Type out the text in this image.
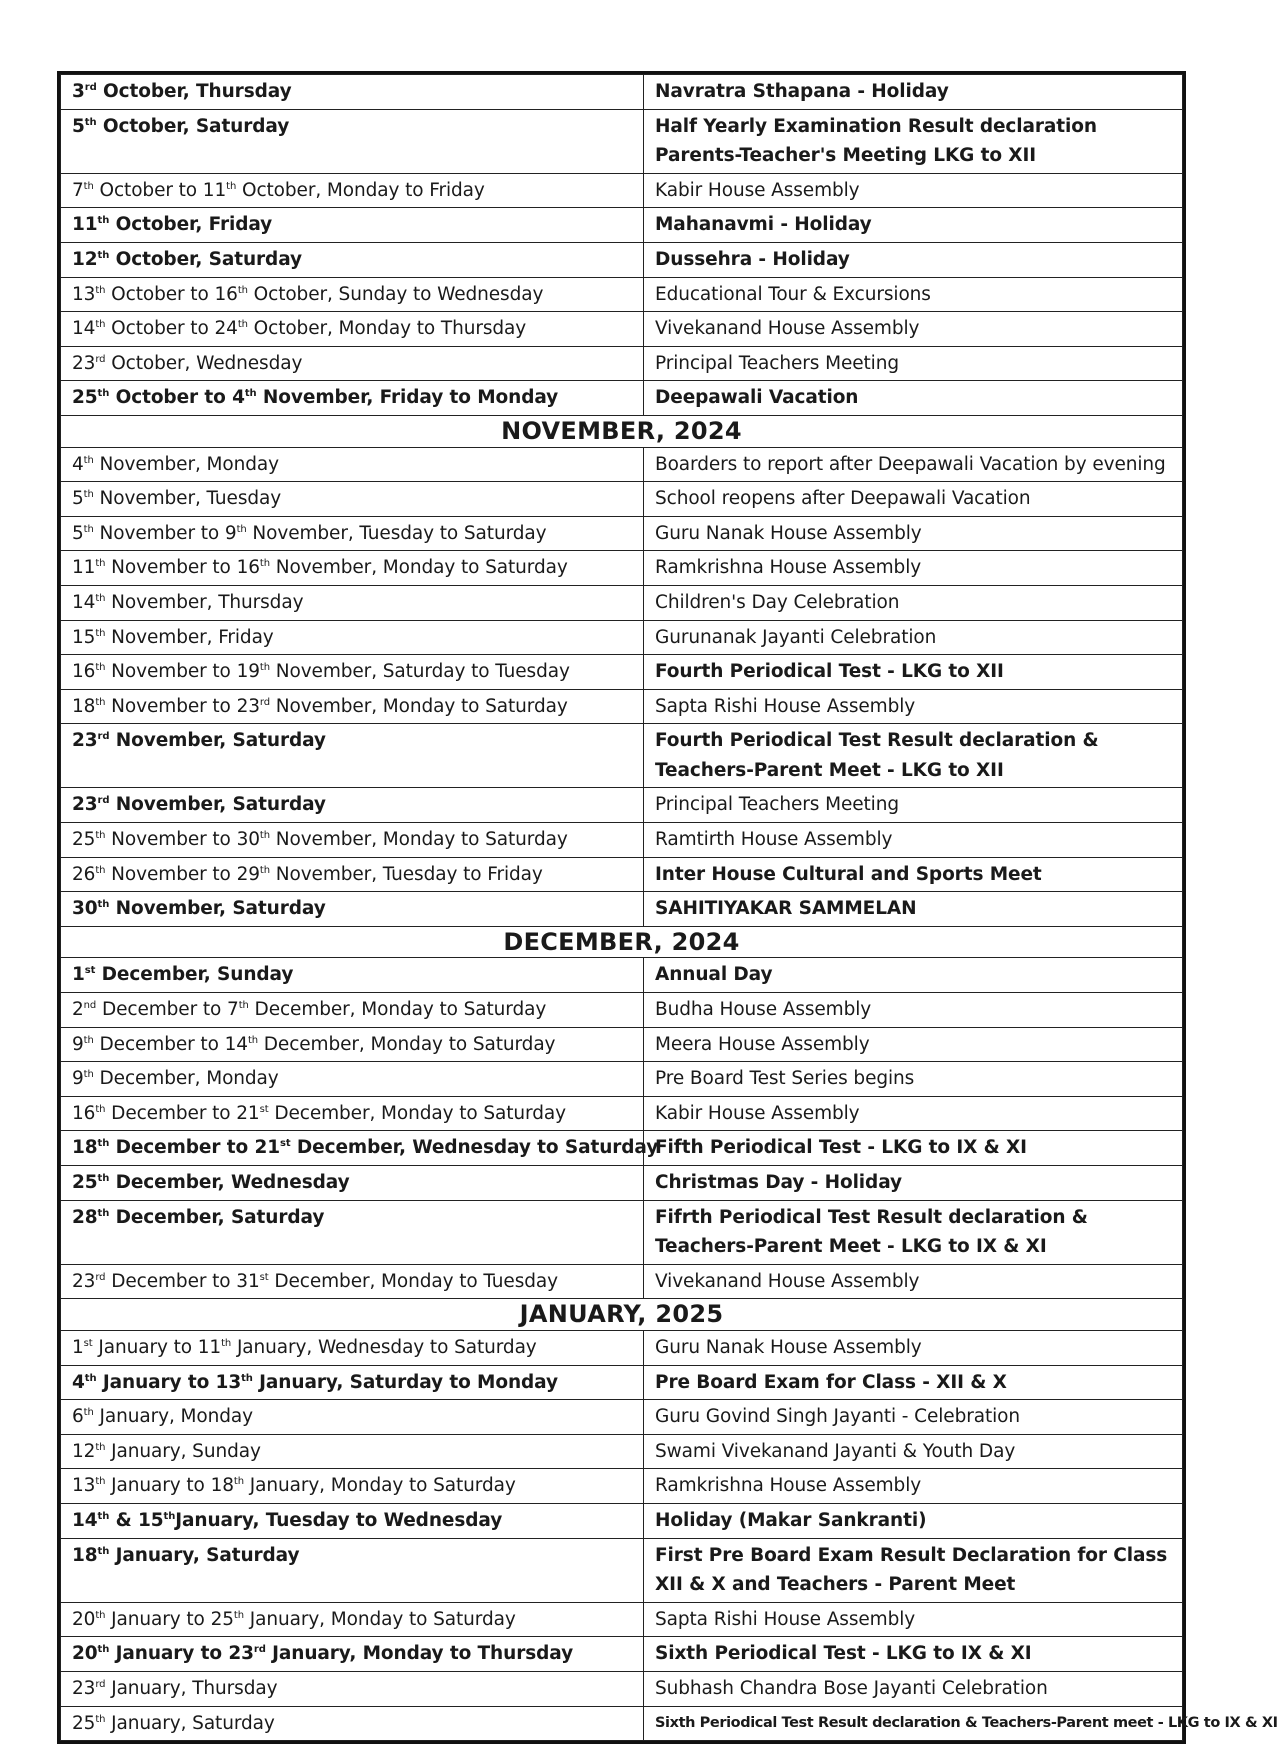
3rd October, Thursday	Navratra Sthapana - Holiday
5th October, Saturday	Half Yearly Examination Result declaration Parents-Teacher's Meeting LKG to XII
7th October to 11th October, Monday to Friday	Kabir House Assembly
11th October, Friday	Mahanavmi - Holiday
12th October, Saturday	Dussehra - Holiday
13th October to 16th October, Sunday to Wednesday	Educational Tour & Excursions
14th October to 24th October, Monday to Thursday	Vivekanand House Assembly
23rd October, Wednesday	Principal Teachers Meeting
25th October to 4th November, Friday to Monday	Deepawali Vacation
NOVEMBER, 2024	
4th November, Monday	Boarders to report after Deepawali Vacation by evening
5th November, Tuesday	School reopens after Deepawali Vacation
5th November to 9th November, Tuesday to Saturday	Guru Nanak House Assembly
11th November to 16th November, Monday to Saturday	Ramkrishna House Assembly
14th November, Thursday	Children's Day Celebration
15th November, Friday	Gurunanak Jayanti Celebration
16th November to 19th November, Saturday to Tuesday	Fourth Periodical Test - LKG to XII
18th November to 23rd November, Monday to Saturday	Sapta Rishi House Assembly
23rd November, Saturday	Fourth Periodical Test Result declaration & Teachers-Parent Meet - LKG to XII
23rd November, Saturday	Principal Teachers Meeting
25th November to 30th November, Monday to Saturday	Ramtirth House Assembly
26th November to 29th November, Tuesday to Friday	Inter House Cultural and Sports Meet
30th November, Saturday	SAHITIYAKAR SAMMELAN
DECEMBER, 2024	
1st December, Sunday	Annual Day
2nd December to 7th December, Monday to Saturday	Budha House Assembly
9th December to 14th December, Monday to Saturday	Meera House Assembly
9th December, Monday	Pre Board Test Series begins
16th December to 21st December, Monday to Saturday	Kabir House Assembly
18th December to 21st December, Wednesday to Saturday	Fifth Periodical Test - LKG to IX & XI
25th December, Wednesday	Christmas Day - Holiday
28th December, Saturday	Fifrth Periodical Test Result declaration & Teachers-Parent Meet - LKG to IX & XI
23rd December to 31st December, Monday to Tuesday	Vivekanand House Assembly
JANUARY, 2025	
1st January to 11th January, Wednesday to Saturday	Guru Nanak House Assembly
4th January to 13th January, Saturday to Monday	Pre Board Exam for Class - XII & X
6th January, Monday	Guru Govind Singh Jayanti - Celebration
12th January, Sunday	Swami Vivekanand Jayanti & Youth Day
13th January to 18th January, Monday to Saturday	Ramkrishna House Assembly
14th & 15thJanuary, Tuesday to Wednesday	Holiday (Makar Sankranti)
18th January, Saturday	First Pre Board Exam Result Declaration for Class XII & X and Teachers - Parent Meet
20th January to 25th January, Monday to Saturday	Sapta Rishi House Assembly
20th January to 23rd January, Monday to Thursday	Sixth Periodical Test - LKG to IX & XI
23rd January, Thursday	Subhash Chandra Bose Jayanti Celebration
25th January, Saturday	Sixth Periodical Test Result declaration & Teachers-Parent meet - LKG to IX & XI
